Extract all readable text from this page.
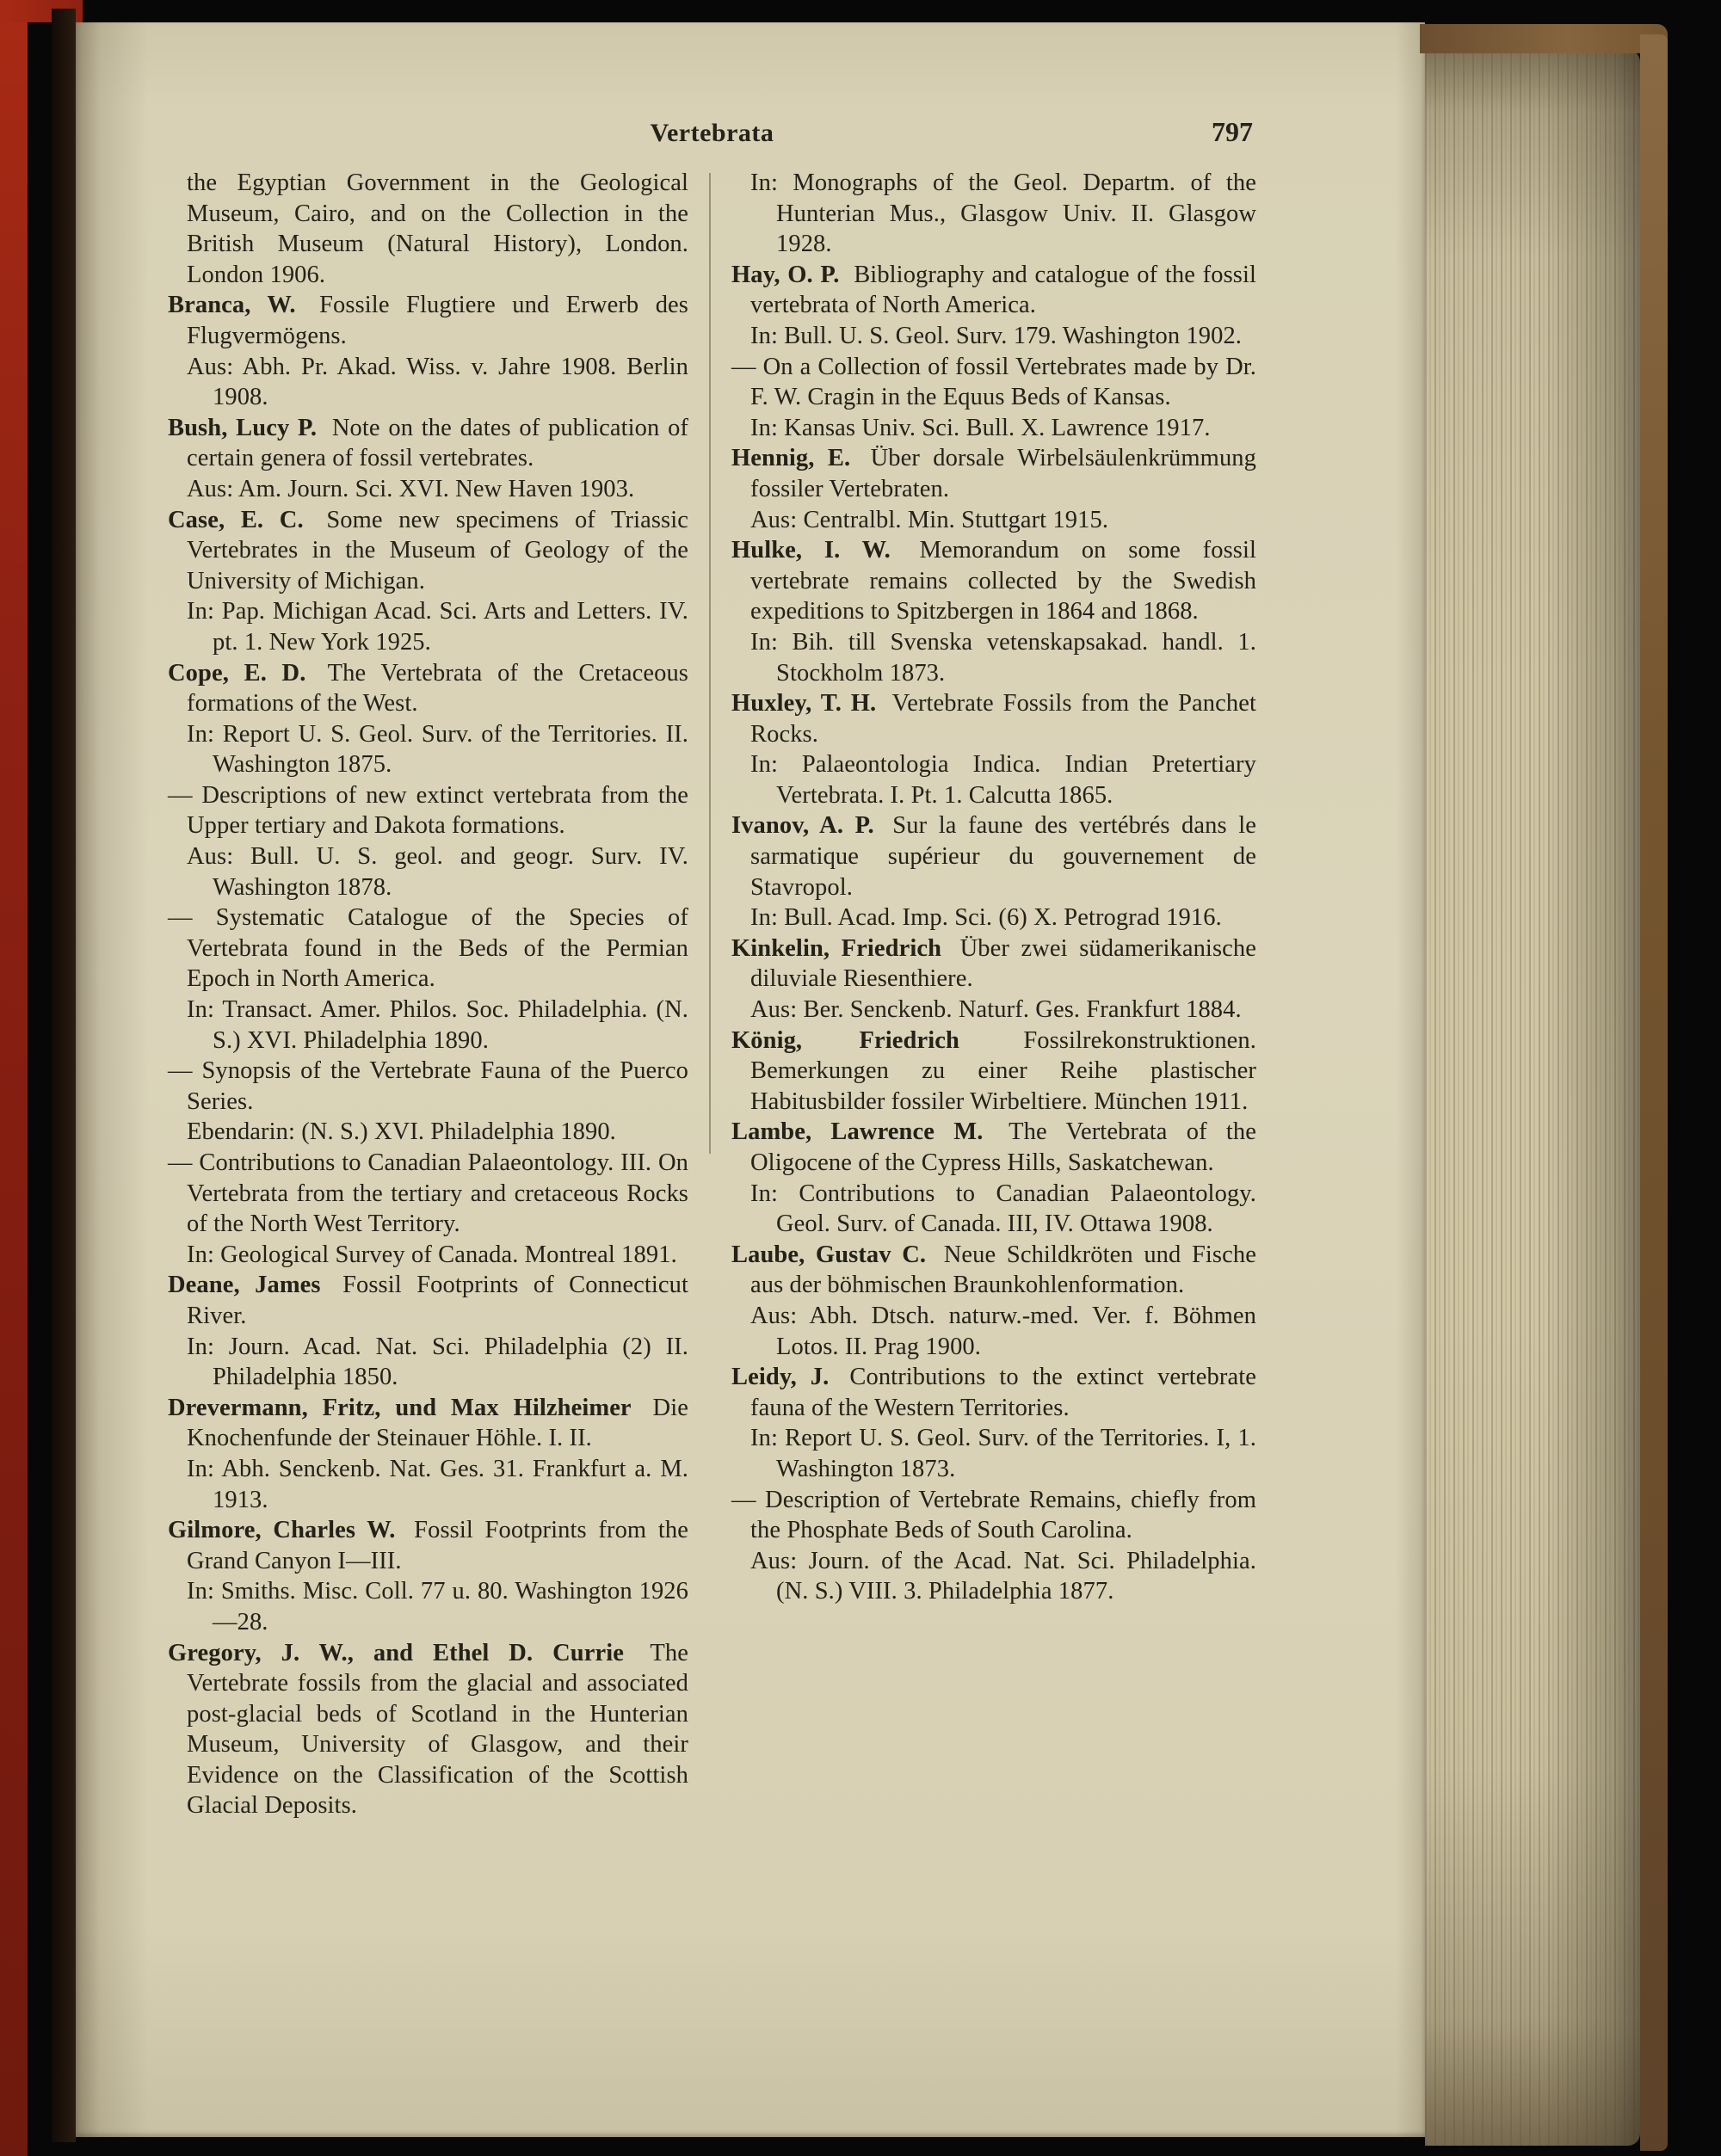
Vertebrata	797

the Egyptian Government in the Geological Museum, Cairo, and on the Collection in the British Museum (Natural History), London. London 1906.

Branca, W. Fossile Flugtiere und Erwerb des Flugvermögens.

Aus: Abh. Pr. Akad. Wiss. v. Jahre 1908. Berlin 1908.

Bush, Lucy P. Note on the dates of publication of certain genera of fossil vertebrates.

Aus: Am. Journ. Sci. XVI. New Haven 1903.

Case, E. C. Some new specimens of Triassic Vertebrates in the Museum of Geology of the University of Michigan.

In: Pap. Michigan Acad. Sci. Arts and Letters. IV. pt. 1. New York 1925.

Cope, E. D. The Vertebrata of the Cretaceous formations of the West.

In: Report U. S. Geol. Surv. of the Territories. II. Washington 1875.

— Descriptions of new extinct vertebrata from the Upper tertiary and Dakota formations.

Aus: Bull. U. S. geol. and geogr. Surv. IV. Washington 1878.

— Systematic Catalogue of the Species of Vertebrata found in the Beds of the Permian Epoch in North America.

In: Transact. Amer. Philos. Soc. Philadelphia. (N. S.) XVI. Philadelphia 1890.

— Synopsis of the Vertebrate Fauna of the Puerco Series.

Ebendarin: (N. S.) XVI. Philadelphia 1890.

— Contributions to Canadian Palaeontology. III. On Vertebrata from the tertiary and cretaceous Rocks of the North West Territory.

In: Geological Survey of Canada. Montreal 1891.

Deane, James Fossil Footprints of Connecticut River.

In: Journ. Acad. Nat. Sci. Philadelphia (2) II. Philadelphia 1850.

Drevermann, Fritz, und Max Hilzheimer Die Knochenfunde der Steinauer Höhle. I. II.

In: Abh. Senckenb. Nat. Ges. 31. Frankfurt a. M. 1913.

Gilmore, Charles W. Fossil Footprints from the Grand Canyon I—III.

In: Smiths. Misc. Coll. 77 u. 80. Washington 1926—28.

Gregory, J. W., and Ethel D. Currie The Vertebrate fossils from the glacial and associated post-glacial beds of Scotland in the Hunterian Museum, University of Glasgow, and their Evidence on the Classification of the Scottish Glacial Deposits.

In: Monographs of the Geol. Departm. of the Hunterian Mus., Glasgow Univ. II. Glasgow 1928.

Hay, O. P. Bibliography and catalogue of the fossil vertebrata of North America.

In: Bull. U. S. Geol. Surv. 179. Washington 1902.

— On a Collection of fossil Vertebrates made by Dr. F. W. Cragin in the Equus Beds of Kansas.

In: Kansas Univ. Sci. Bull. X. Lawrence 1917.

Hennig, E. Über dorsale Wirbelsäulenkrümmung fossiler Vertebraten.

Aus: Centralbl. Min. Stuttgart 1915.

Hulke, I. W. Memorandum on some fossil vertebrate remains collected by the Swedish expeditions to Spitzbergen in 1864 and 1868.

In: Bih. till Svenska vetenskapsakad. handl. 1. Stockholm 1873.

Huxley, T. H. Vertebrate Fossils from the Panchet Rocks.

In: Palaeontologia Indica. Indian Pretertiary Vertebrata. I. Pt. 1. Calcutta 1865.

Ivanov, A. P. Sur la faune des vertébrés dans le sarmatique supérieur du gouvernement de Stavropol.

In: Bull. Acad. Imp. Sci. (6) X. Petrograd 1916.

Kinkelin, Friedrich Über zwei südamerikanische diluviale Riesenthiere.

Aus: Ber. Senckenb. Naturf. Ges. Frankfurt 1884.

König, Friedrich	Fossilrekonstruktionen. Bemerkungen zu einer Reihe plastischer Habitusbilder fossiler Wirbeltiere. München 1911.

Lambe, Lawrence M. The Vertebrata of the Oligocene of the Cypress Hills, Saskatchewan.

In: Contributions to Canadian Palaeontology. Geol. Surv. of Canada. III, IV. Ottawa 1908.

Laube, Gustav C. Neue Schildkröten und Fische aus der böhmischen Braunkohlenformation.

Aus: Abh. Dtsch. naturw.-med. Ver. f. Böhmen Lotos. II. Prag 1900.

Leidy, J. Contributions to the extinct vertebrate fauna of the Western Territories.

In: Report U. S. Geol. Surv. of the Territories. I, 1. Washington 1873.

— Description of Vertebrate Remains, chiefly from the Phosphate Beds of South Carolina.

Aus: Journ. of the Acad. Nat. Sci. Philadelphia. (N. S.) VIII. 3. Philadelphia 1877.
